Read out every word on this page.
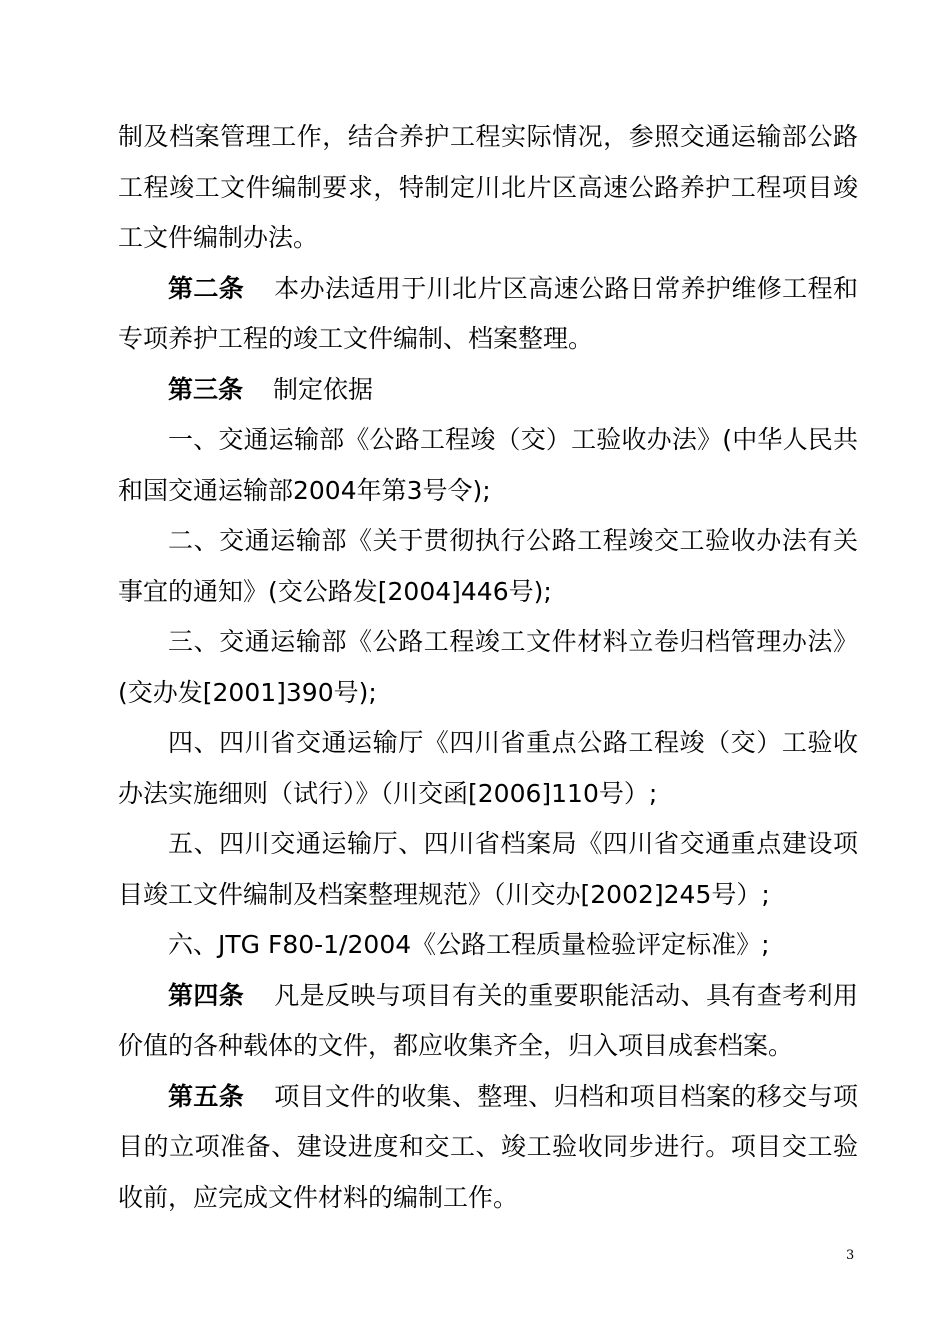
制及档案管理工作，结合养护工程实际情况，参照交通运输部公路工程竣工文件编制要求，特制定川北片区高速公路养护工程项目竣工文件编制办法。

第二条 本办法适用于川北片区高速公路日常养护维修工程和专项养护工程的竣工文件编制、档案整理。

第三条 制定依据

一、交通运输部《公路工程竣（交）工验收办法》(中华人民共和国交通运输部2004年第3号令);

二、交通运输部《关于贯彻执行公路工程竣交工验收办法有关事宜的通知》(交公路发[2004]446号);

三、交通运输部《公路工程竣工文件材料立卷归档管理办法》(交办发[2001]390号);

四、四川省交通运输厅《四川省重点公路工程竣（交）工验收办法实施细则（试行）》（川交函[2006]110号）;

五、四川交通运输厅、四川省档案局《四川省交通重点建设项目竣工文件编制及档案整理规范》（川交办[2002]245号）;

六、JTG F80-1/2004《公路工程质量检验评定标准》;

第四条 凡是反映与项目有关的重要职能活动、具有查考利用价值的各种载体的文件，都应收集齐全，归入项目成套档案。

第五条 项目文件的收集、整理、归档和项目档案的移交与项目的立项准备、建设进度和交工、竣工验收同步进行。项目交工验收前，应完成文件材料的编制工作。

3
